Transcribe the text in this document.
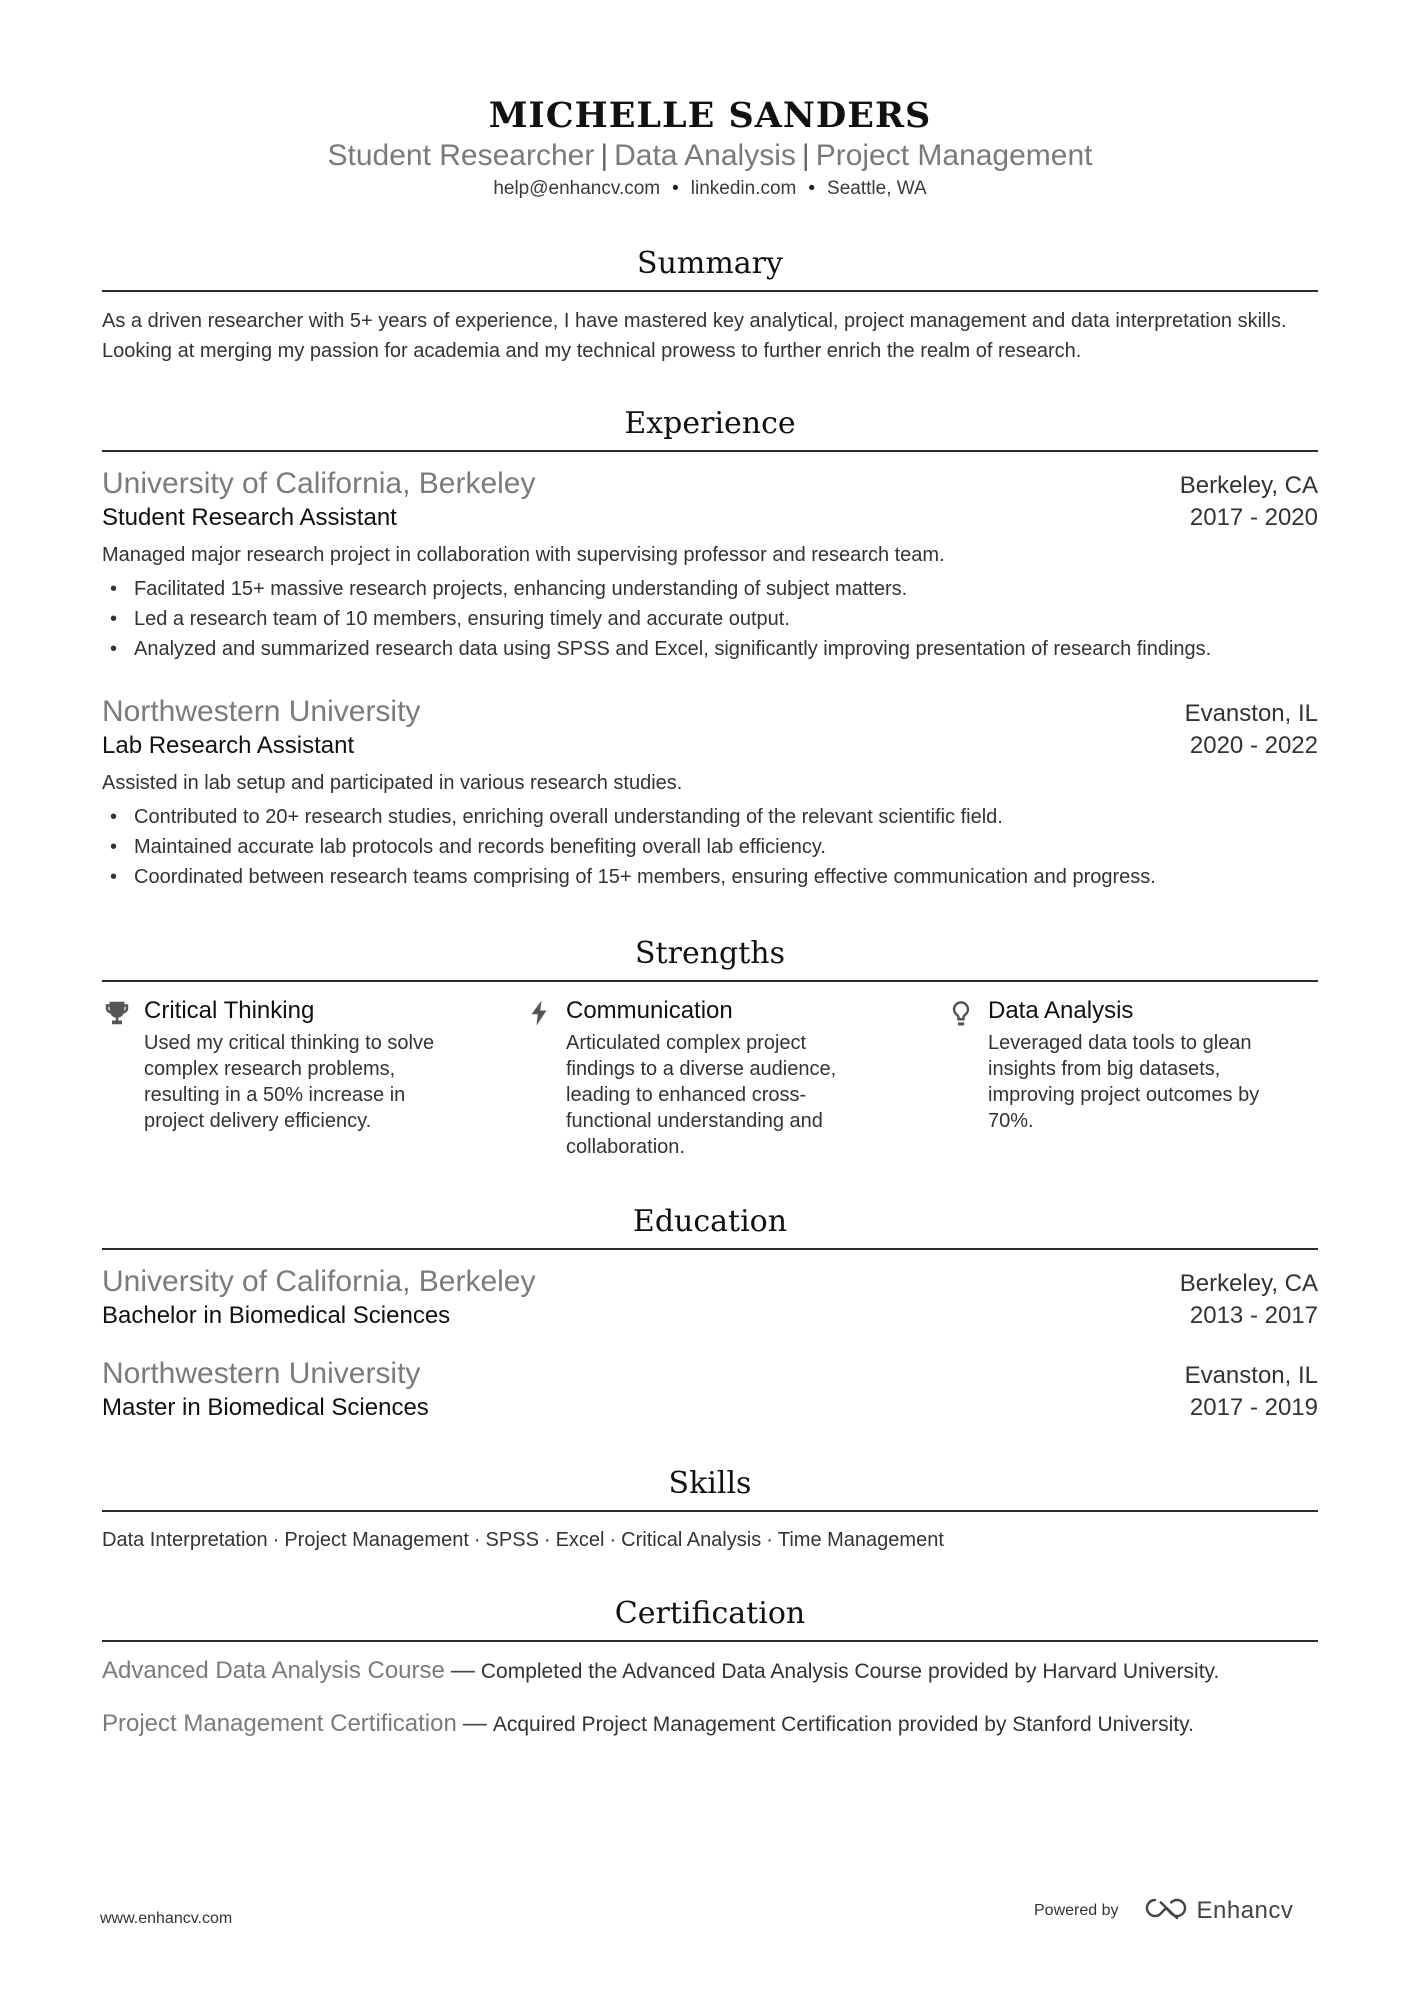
MICHELLE SANDERS
Student Researcher | Data Analysis | Project Management
help@enhancv.com • linkedin.com • Seattle, WA
Summary

As a driven researcher with 5+ years of experience, I have mastered key analytical, project management and data interpretation skills. Looking at merging my passion for academia and my technical prowess to further enrich the realm of research.

Experience
University of California, Berkeley	Berkeley, CA
Student Research Assistant	2017 - 2020

Managed major research project in collaboration with supervising professor and research team.

• Facilitated 15+ massive research projects, enhancing understanding of subject matters.
• Led a research team of 10 members, ensuring timely and accurate output.
• Analyzed and summarized research data using SPSS and Excel, significantly improving presentation of research findings.
Northwestern University	Evanston, IL
Lab Research Assistant	2020 - 2022

Assisted in lab setup and participated in various research studies.

• Contributed to 20+ research studies, enriching overall understanding of the relevant scientific field.
• Maintained accurate lab protocols and records benefiting overall lab efficiency.
• Coordinated between research teams comprising of 15+ members, ensuring effective communication and progress.
Strengths
Critical Thinking
Used my critical thinking to solve complex research problems, resulting in a 50% increase in project delivery efficiency.
Communication
Articulated complex project findings to a diverse audience, leading to enhanced cross-functional understanding and collaboration.
Data Analysis
Leveraged data tools to glean insights from big datasets, improving project outcomes by 70%.
Education
University of California, Berkeley	Berkeley, CA
Bachelor in Biomedical Sciences	2013 - 2017
Northwestern University	Evanston, IL
Master in Biomedical Sciences	2017 - 2019
Skills
Data Interpretation · Project Management · SPSS · Excel · Critical Analysis · Time Management
Certification
Advanced Data Analysis Course — Completed the Advanced Data Analysis Course provided by Harvard University.
Project Management Certification — Acquired Project Management Certification provided by Stanford University.
www.enhancv.com	Powered by	Enhancv
